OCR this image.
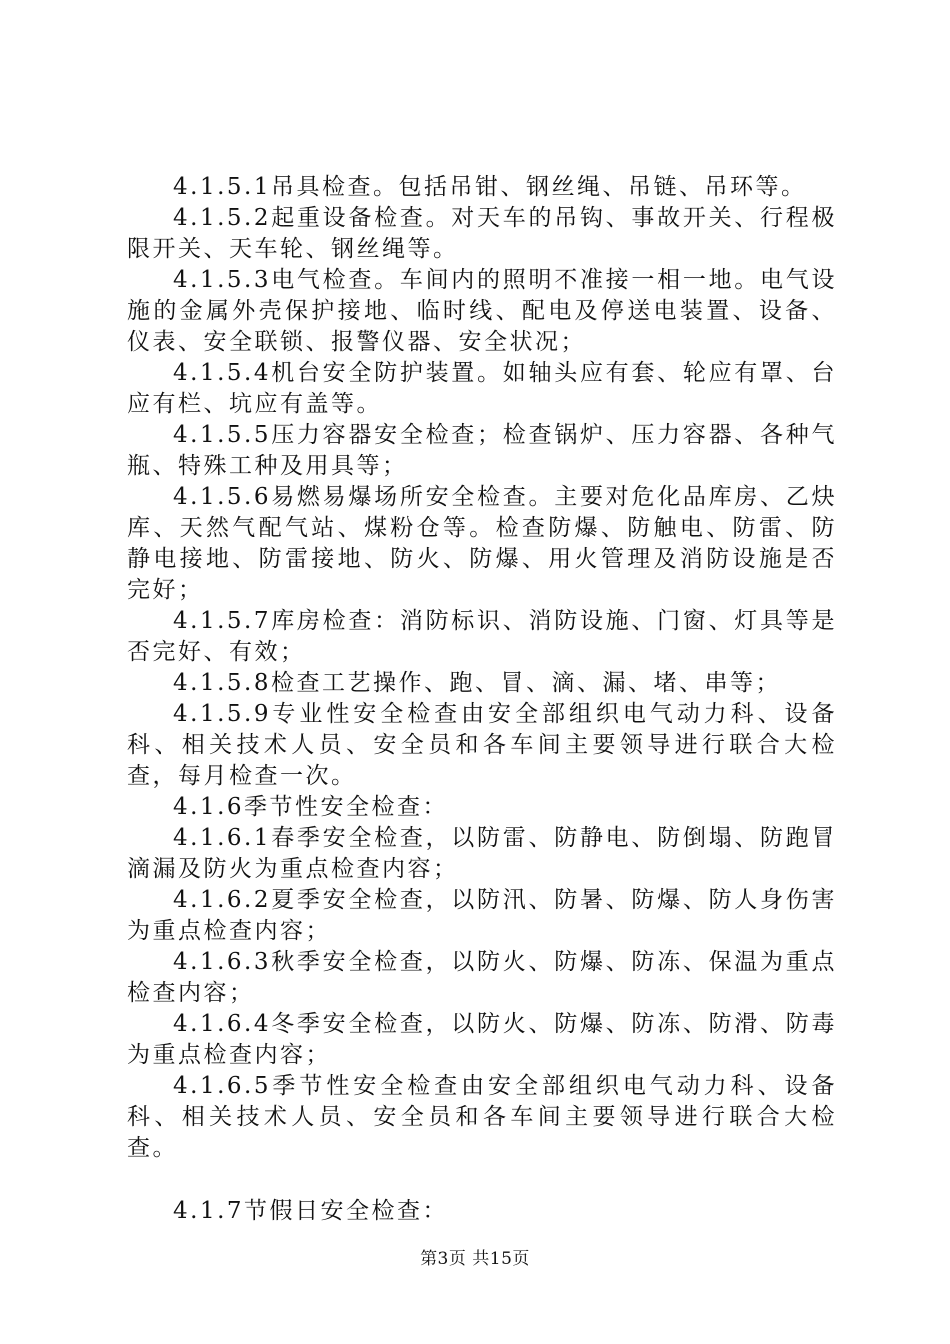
4.1.5.1吊具检查。包括吊钳、钢丝绳、吊链、吊环等。

4.1.5.2起重设备检查。对天车的吊钩、事故开关、行程极限开关、天车轮、钢丝绳等。

4.1.5.3电气检查。车间内的照明不准接一相一地。电气设施的金属外壳保护接地、临时线、配电及停送电装置、设备、仪表、安全联锁、报警仪器、安全状况；

4.1.5.4机台安全防护装置。如轴头应有套、轮应有罩、台应有栏、坑应有盖等。

4.1.5.5压力容器安全检查；检查锅炉、压力容器、各种气瓶、特殊工种及用具等；

4.1.5.6易燃易爆场所安全检查。主要对危化品库房、乙炔库、天然气配气站、煤粉仓等。检查防爆、防触电、防雷、防静电接地、防雷接地、防火、防爆、用火管理及消防设施是否完好；

4.1.5.7库房检查：消防标识、消防设施、门窗、灯具等是否完好、有效；

4.1.5.8检查工艺操作、跑、冒、滴、漏、堵、串等；

4.1.5.9专业性安全检查由安全部组织电气动力科、设备科、相关技术人员、安全员和各车间主要领导进行联合大检查，每月检查一次。

4.1.6季节性安全检查：

4.1.6.1春季安全检查，以防雷、防静电、防倒塌、防跑冒滴漏及防火为重点检查内容；

4.1.6.2夏季安全检查，以防汛、防暑、防爆、防人身伤害为重点检查内容；

4.1.6.3秋季安全检查，以防火、防爆、防冻、保温为重点检查内容；

4.1.6.4冬季安全检查，以防火、防爆、防冻、防滑、防毒为重点检查内容；

4.1.6.5季节性安全检查由安全部组织电气动力科、设备科、相关技术人员、安全员和各车间主要领导进行联合大检查。

4.1.7节假日安全检查：

第3页 共15页
